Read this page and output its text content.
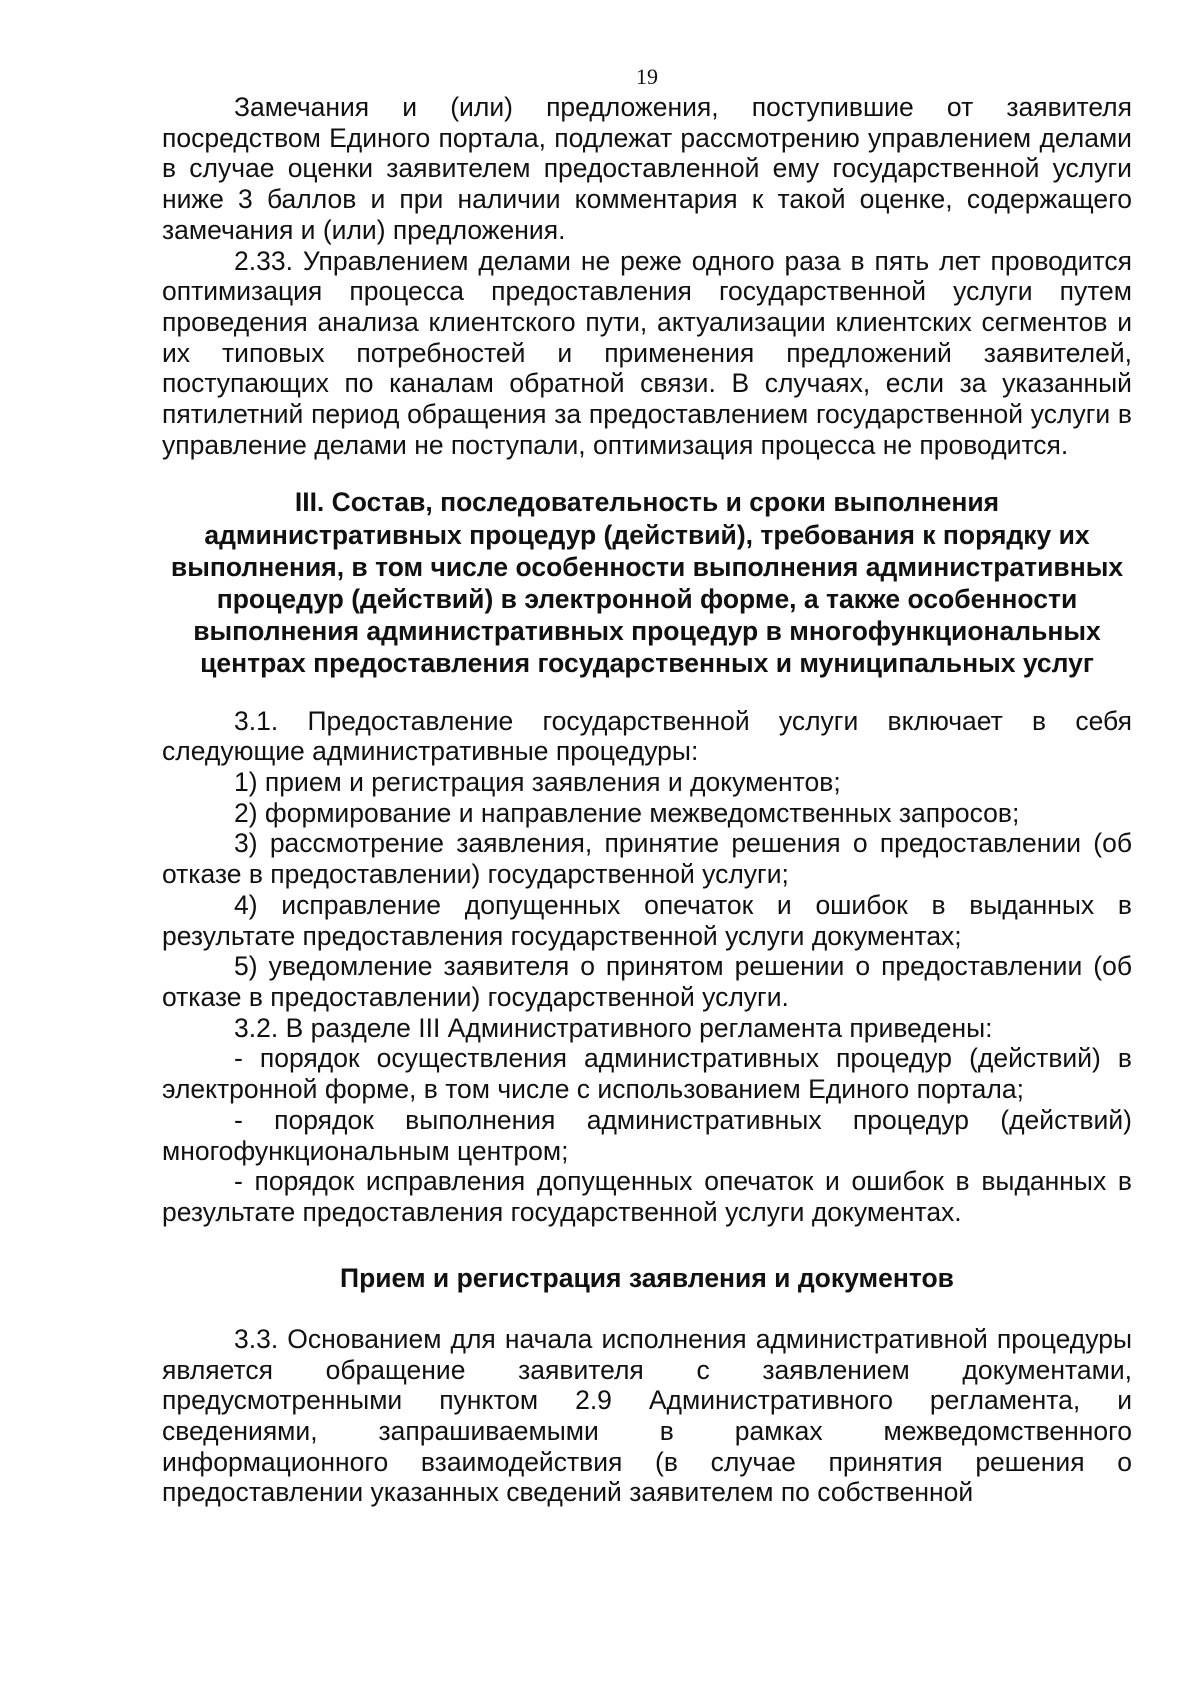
19

Замечания и (или) предложения, поступившие от заявителя посредством Единого портала, подлежат рассмотрению управлением делами в случае оценки заявителем предоставленной ему государственной услуги ниже 3 баллов и при наличии комментария к такой оценке, содержащего замечания и (или) предложения.

2.33. Управлением делами не реже одного раза в пять лет проводится оптимизация процесса предоставления государственной услуги путем проведения анализа клиентского пути, актуализации клиентских сегментов и их типовых потребностей и применения предложений заявителей, поступающих по каналам обратной связи. В случаях, если за указанный пятилетний период обращения за предоставлением государственной услуги в управление делами не поступали, оптимизация процесса не проводится.

III. Состав, последовательность и сроки выполнения административных процедур (действий), требования к порядку их выполнения, в том числе особенности выполнения административных процедур (действий) в электронной форме, а также особенности выполнения административных процедур в многофункциональных центрах предоставления государственных и муниципальных услуг

3.1. Предоставление государственной услуги включает в себя следующие административные процедуры:

1) прием и регистрация заявления и документов;

2) формирование и направление межведомственных запросов;

3) рассмотрение заявления, принятие решения о предоставлении (об отказе в предоставлении) государственной услуги;

4) исправление допущенных опечаток и ошибок в выданных в результате предоставления государственной услуги документах;

5) уведомление заявителя о принятом решении о предоставлении (об отказе в предоставлении) государственной услуги.

3.2. В разделе III Административного регламента приведены:

- порядок осуществления административных процедур (действий) в электронной форме, в том числе с использованием Единого портала;

- порядок выполнения административных процедур (действий) многофункциональным центром;

- порядок исправления допущенных опечаток и ошибок в выданных в результате предоставления государственной услуги документах.

Прием и регистрация заявления и документов

3.3. Основанием для начала исполнения административной процедуры является обращение заявителя с заявлением документами, предусмотренными пунктом 2.9 Административного регламента, и сведениями, запрашиваемыми в рамках межведомственного информационного взаимодействия (в случае принятия решения о предоставлении указанных сведений заявителем по собственной
